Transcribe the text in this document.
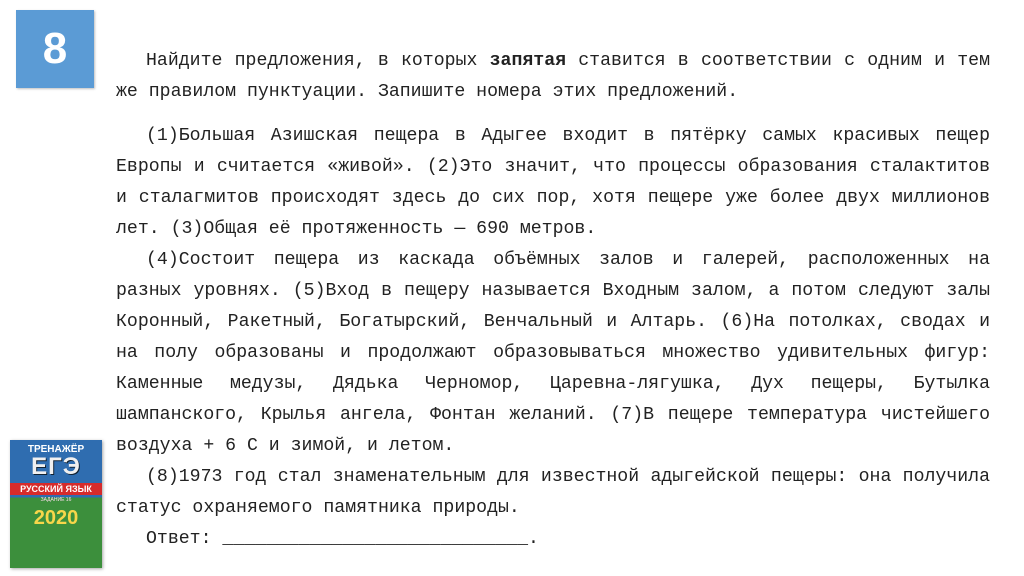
8	Найдите предложения, в которых запятая ставится в соответствии с одним и тем же правилом пунктуации. Запишите номера этих предложений.

(1)Большая Азишская пещера в Адыгее входит в пятёрку самых красивых пещер Европы и считается «живой». (2)Это значит, что процессы образования сталактитов и сталагмитов происходят здесь до сих пор, хотя пещере уже более двух миллионов лет. (3)Общая её протяженность — 690 метров.

(4)Состоит пещера из каскада объёмных залов и галерей, расположенных на разных уровнях. (5)Вход в пещеру называется Входным залом, а потом следуют залы Коронный, Ракетный, Богатырский, Венчальный и Алтарь. (6)На потолках, сводах и на полу образованы и продолжают образовываться множество удивительных фигур: Каменные медузы, Дядька Черномор, Царевна-лягушка, Дух пещеры, Бутылка шампанского, Крылья ангела, Фонтан желаний. (7)В пещере температура чистейшего воздуха + 6 С и зимой, и летом.

(8)1973 год стал знаменательным для известной адыгейской пещеры: она получила статус охраняемого памятника природы.

Ответ: ____________________________.

ТРЕНАЖЁР
ЕГЭ
РУССКИЙ ЯЗЫК
ЗАДАНИЕ 16
2020
